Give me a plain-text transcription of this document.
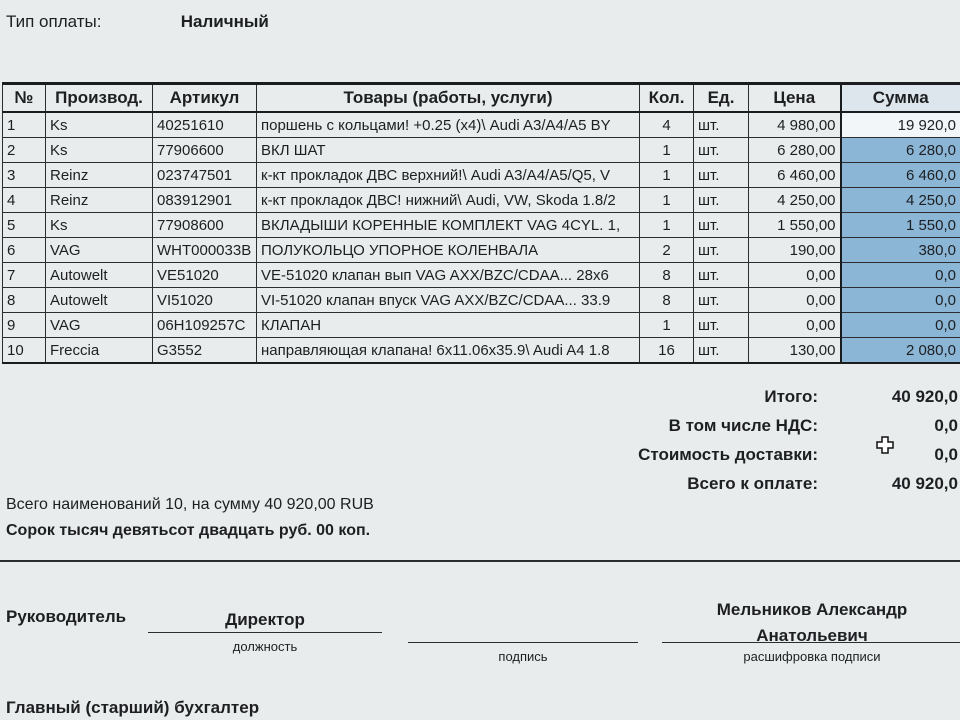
Тип оплаты:	Наличный
№	Производ.	Артикул	Товары (работы, услуги)	Кол.	Ед.	Цена	Сумма
1	Ks	40251610	поршень с кольцами! +0.25 (x4)\ Audi A3/A4/A5 BY	4	шт.	4 980,00	19 920,0
2	Ks	77906600	ВКЛ ШАТ	1	шт.	6 280,00	6 280,0
3	Reinz	023747501	к-кт прокладок ДВС верхний!\ Audi A3/A4/A5/Q5, V	1	шт.	6 460,00	6 460,0
4	Reinz	083912901	к-кт прокладок ДВС! нижний\ Audi, VW, Skoda 1.8/2	1	шт.	4 250,00	4 250,0
5	Ks	77908600	ВКЛАДЫШИ КОРЕННЫЕ КОМПЛЕКТ VAG 4CYL. 1,	1	шт.	1 550,00	1 550,0
6	VAG	WHT000033B	ПОЛУКОЛЬЦО УПОРНОЕ КОЛЕНВАЛА	2	шт.	190,00	380,0
7	Autowelt	VE51020	VE-51020 клапан вып VAG AXX/BZC/CDAA... 28x6	8	шт.	0,00	0,0
8	Autowelt	VI51020	VI-51020 клапан впуск VAG AXX/BZC/CDAA... 33.9	8	шт.	0,00	0,0
9	VAG	06H109257C	КЛАПАН	1	шт.	0,00	0,0
10	Freccia	G3552	направляющая клапана! 6x11.06x35.9\ Audi A4 1.8	16	шт.	130,00	2 080,0
Итого:	40 920,0
В том числе НДС:	0,0
Стоимость доставки:	0,0
Всего к оплате:	40 920,0
Всего наименований 10, на сумму 40 920,00 RUB
Сорок тысяч девятьсот двадцать руб. 00 коп.
Руководитель	Директор
должность
подпись
Мельников Александр
расшифровка подписи
Анатольевич
Главный (старший) бухгалтер
